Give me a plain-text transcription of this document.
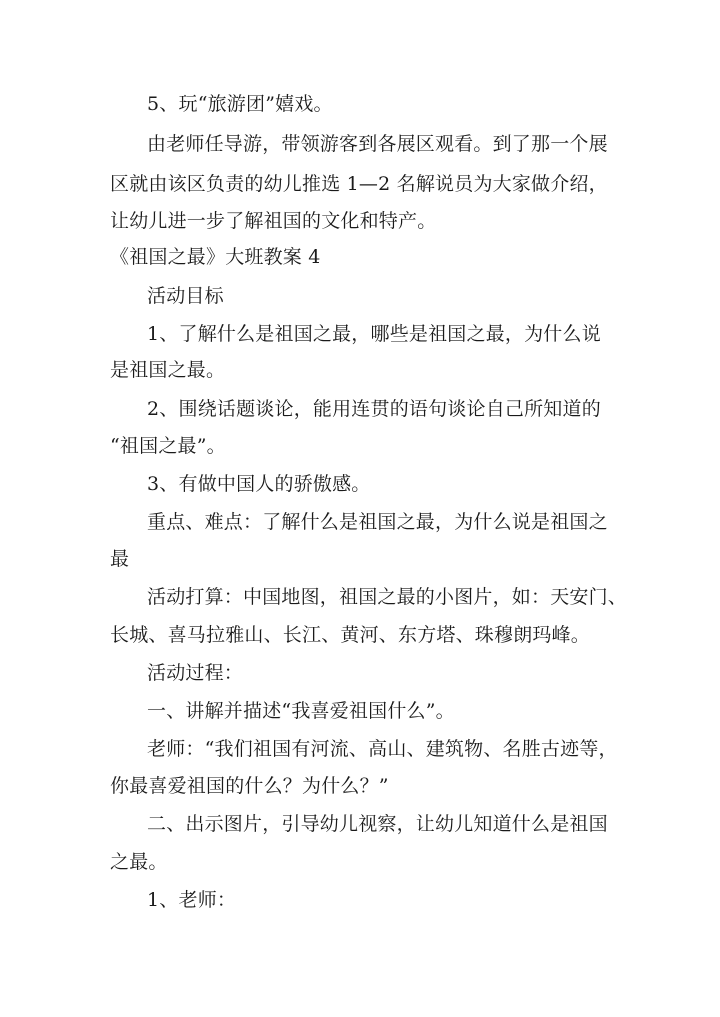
5、玩“旅游团”嬉戏。
由老师任导游，带领游客到各展区观看。到了那一个展
区就由该区负责的幼儿推选 1—2 名解说员为大家做介绍，
让幼儿进一步了解祖国的文化和特产。
《祖国之最》大班教案 4
活动目标
1、了解什么是祖国之最，哪些是祖国之最，为什么说
是祖国之最。
2、围绕话题谈论，能用连贯的语句谈论自己所知道的
“祖国之最”。
3、有做中国人的骄傲感。
重点、难点：了解什么是祖国之最，为什么说是祖国之
最
活动打算：中国地图，祖国之最的小图片，如：天安门、
长城、喜马拉雅山、长江、黄河、东方塔、珠穆朗玛峰。
活动过程：
一、讲解并描述“我喜爱祖国什么”。
老师：“我们祖国有河流、高山、建筑物、名胜古迹等，
你最喜爱祖国的什么？为什么？”
二、出示图片，引导幼儿视察，让幼儿知道什么是祖国
之最。
1、老师：
